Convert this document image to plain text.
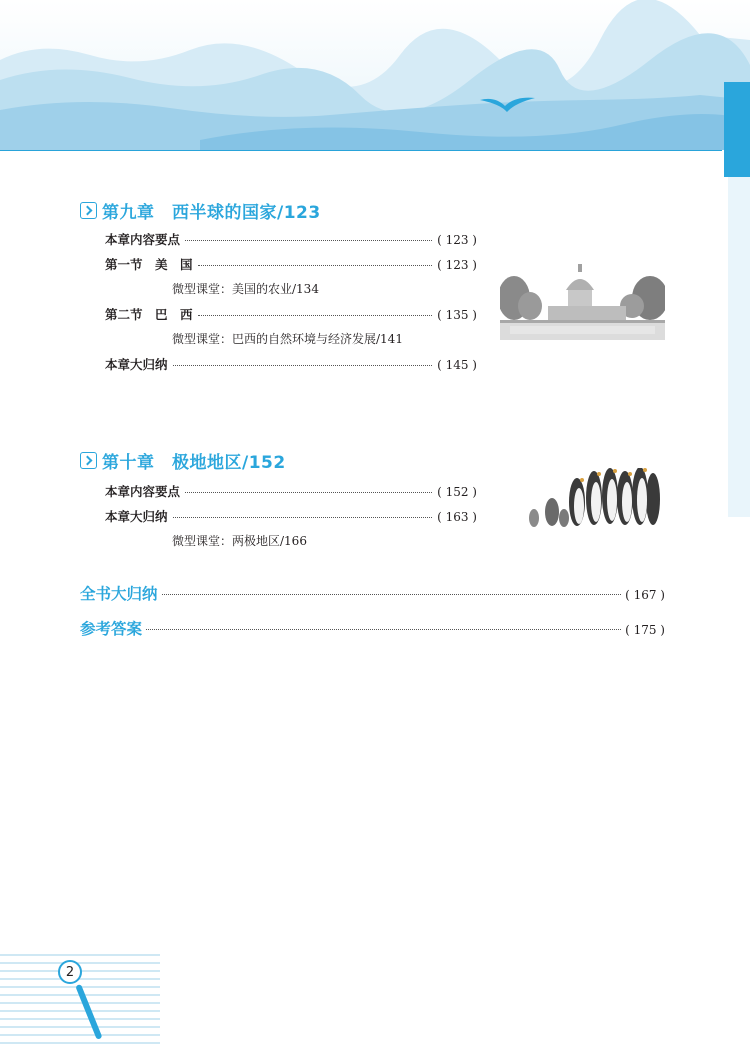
第九章　西半球的国家/123
本章内容要点	( 123 )
第一节　美　国	( 123 )
微型课堂：美国的农业/134
第二节　巴　西	( 135 )
微型课堂：巴西的自然环境与经济发展/141
本章大归纳	( 145 )
第十章　极地地区/152
本章内容要点	( 152 )
本章大归纳	( 163 )
微型课堂：两极地区/166
全书大归纳	( 167 )
参考答案	( 175 )
2
